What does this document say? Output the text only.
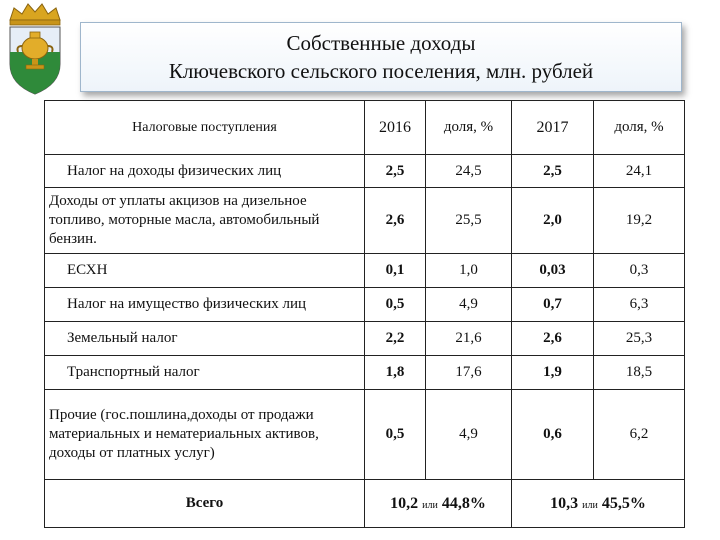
Собственные доходы
Ключевского сельского поселения, млн. рублей
Налоговые поступления	2016	доля, %	2017	доля, %
Налог на доходы физических лиц	2,5	24,5	2,5	24,1
Доходы от уплаты акцизов на дизельное топливо, моторные масла, автомобильный бензин.	2,6	25,5	2,0	19,2
ЕСХН	0,1	1,0	0,03	0,3
Налог на имущество физических лиц	0,5	4,9	0,7	6,3
Земельный налог	2,2	21,6	2,6	25,3
Транспортный налог	1,8	17,6	1,9	18,5
Прочие (гос.пошлина,доходы от продажи материальных и нематериальных активов, доходы от платных услуг)	0,5	4,9	0,6	6,2
Всего	10,2 или 44,8%		10,3 или 45,5%	
